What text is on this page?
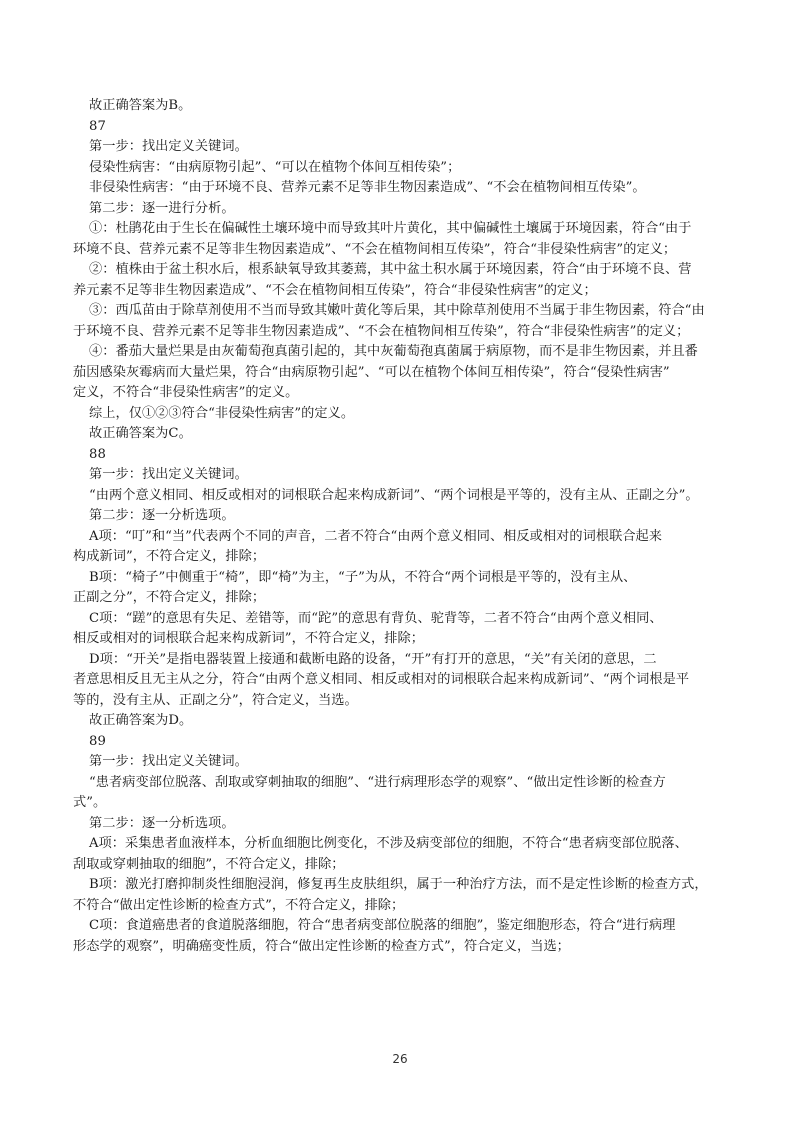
故正确答案为B。
87
第一步：找出定义关键词。
侵染性病害：“由病原物引起”、“可以在植物个体间互相传染”；
非侵染性病害：“由于环境不良、营养元素不足等非生物因素造成”、“不会在植物间相互传染”。
第二步：逐一进行分析。
①：杜鹃花由于生长在偏碱性土壤环境中而导致其叶片黄化，其中偏碱性土壤属于环境因素，符合“由于
环境不良、营养元素不足等非生物因素造成”、“不会在植物间相互传染”，符合“非侵染性病害”的定义；
②：植株由于盆土积水后，根系缺氧导致其萎蔫，其中盆土积水属于环境因素，符合“由于环境不良、营
养元素不足等非生物因素造成”、“不会在植物间相互传染”，符合“非侵染性病害”的定义；
③：西瓜苗由于除草剂使用不当而导致其嫩叶黄化等后果，其中除草剂使用不当属于非生物因素，符合“由
于环境不良、营养元素不足等非生物因素造成”、“不会在植物间相互传染”，符合“非侵染性病害”的定义；
④：番茄大量烂果是由灰葡萄孢真菌引起的，其中灰葡萄孢真菌属于病原物，而不是非生物因素，并且番
茄因感染灰霉病而大量烂果，符合“由病原物引起”、“可以在植物个体间互相传染”，符合“侵染性病害”
定义，不符合“非侵染性病害”的定义。
综上，仅①②③符合“非侵染性病害”的定义。
故正确答案为C。
88
第一步：找出定义关键词。
“由两个意义相同、相反或相对的词根联合起来构成新词”、“两个词根是平等的，没有主从、正副之分”。
第二步：逐一分析选项。
A项：“叮”和“当”代表两个不同的声音，二者不符合“由两个意义相同、相反或相对的词根联合起来
构成新词”，不符合定义，排除；
B项：“椅子”中侧重于“椅”，即“椅”为主，“子”为从，不符合“两个词根是平等的，没有主从、
正副之分”，不符合定义，排除；
C项：“蹉”的意思有失足、差错等，而“跎”的意思有背负、驼背等，二者不符合“由两个意义相同、
相反或相对的词根联合起来构成新词”，不符合定义，排除；
D项：“开关”是指电器装置上接通和截断电路的设备，“开”有打开的意思，“关”有关闭的意思，二
者意思相反且无主从之分，符合“由两个意义相同、相反或相对的词根联合起来构成新词”、“两个词根是平
等的，没有主从、正副之分”，符合定义，当选。
故正确答案为D。
89
第一步：找出定义关键词。
“患者病变部位脱落、刮取或穿刺抽取的细胞”、“进行病理形态学的观察”、“做出定性诊断的检查方
式”。
第二步：逐一分析选项。
A项：采集患者血液样本，分析血细胞比例变化，不涉及病变部位的细胞，不符合“患者病变部位脱落、
刮取或穿刺抽取的细胞”，不符合定义，排除；
B项：激光打磨抑制炎性细胞浸润，修复再生皮肤组织，属于一种治疗方法，而不是定性诊断的检查方式，
不符合“做出定性诊断的检查方式”，不符合定义，排除；
C项：食道癌患者的食道脱落细胞，符合“患者病变部位脱落的细胞”，鉴定细胞形态，符合“进行病理
形态学的观察”，明确癌变性质，符合“做出定性诊断的检查方式”，符合定义，当选；
26
